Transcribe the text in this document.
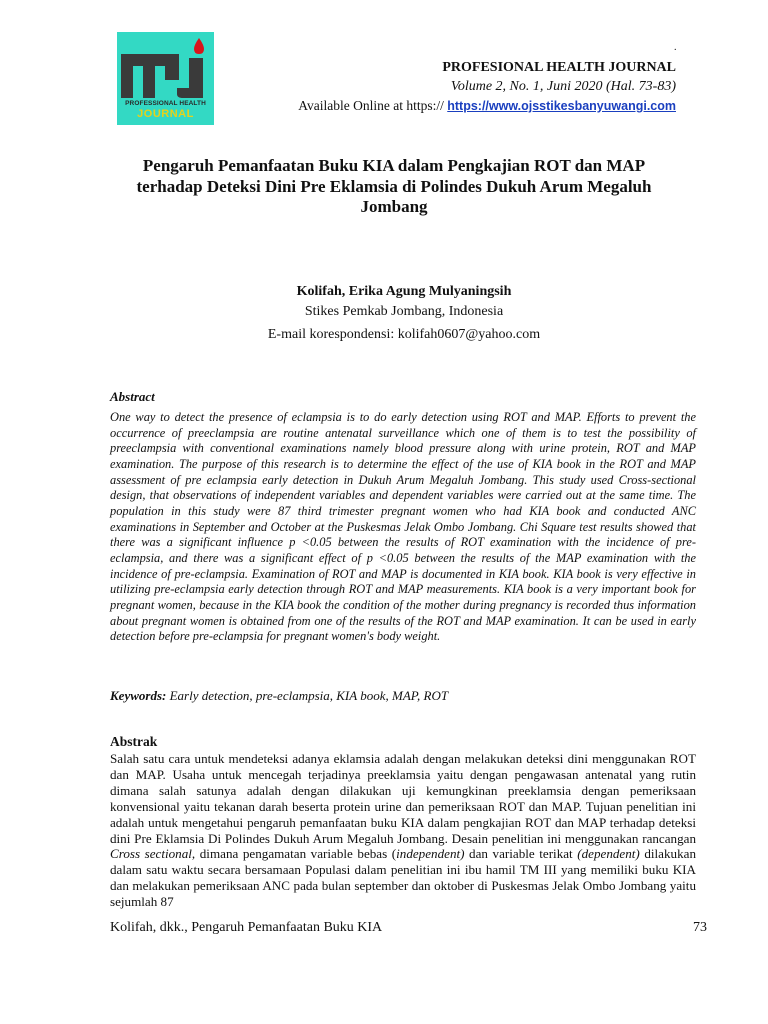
PROFESSIONAL HEALTH
JOURNAL
.
PROFESIONAL HEALTH JOURNAL
Volume 2, No. 1, Juni 2020 (Hal. 73-83)
Available Online at https:// https://www.ojsstikesbanyuwangi.com
Pengaruh Pemanfaatan Buku KIA dalam Pengkajian ROT dan MAP terhadap Deteksi Dini Pre Eklamsia di Polindes Dukuh Arum Megaluh Jombang
Kolifah, Erika Agung Mulyaningsih
Stikes Pemkab Jombang, Indonesia
E-mail korespondensi: kolifah0607@yahoo.com
Abstract
One way to detect the presence of eclampsia is to do early detection using ROT and MAP. Efforts to prevent the occurrence of preeclampsia are routine antenatal surveillance which one of them is to test the possibility of preeclampsia with conventional examinations namely blood pressure along with urine protein, ROT and MAP examination. The purpose of this research is to determine the effect of the use of KIA book in the ROT and MAP assessment of pre eclampsia early detection in Dukuh Arum Megaluh Jombang. This study used Cross-sectional design, that observations of independent variables and dependent variables were carried out at the same time. The population in this study were 87 third trimester pregnant women who had KIA book and conducted ANC examinations in September and October at the Puskesmas Jelak Ombo Jombang. Chi Square test results showed that there was a significant influence p <0.05 between the results of ROT examination with the incidence of pre-eclampsia, and there was a significant effect of p <0.05 between the results of the MAP examination with the incidence of pre-eclampsia. Examination of ROT and MAP is documented in KIA book. KIA book is very effective in utilizing pre-eclampsia early detection through ROT and MAP measurements. KIA book is a very important book for pregnant women, because in the KIA book the condition of the mother during pregnancy is recorded thus information about pregnant women is obtained from one of the results of the ROT and MAP examination. It can be used in early detection before pre-eclampsia for pregnant women's body weight.
Keywords: Early detection, pre-eclampsia, KIA book, MAP, ROT
Abstrak
Salah satu cara untuk mendeteksi adanya eklamsia adalah dengan melakukan deteksi dini menggunakan ROT dan MAP. Usaha untuk mencegah terjadinya preeklamsia yaitu dengan pengawasan antenatal yang rutin dimana salah satunya adalah dengan dilakukan uji kemungkinan preeklamsia dengan pemeriksaan konvensional yaitu tekanan darah beserta protein urine dan pemeriksaan ROT dan MAP. Tujuan penelitian ini adalah untuk mengetahui pengaruh pemanfaatan buku KIA dalam pengkajian ROT dan MAP terhadap deteksi dini Pre Eklamsia Di Polindes Dukuh Arum Megaluh Jombang. Desain penelitian ini menggunakan rancangan Cross sectional, dimana pengamatan variable bebas (independent) dan variable terikat (dependent) dilakukan dalam satu waktu secara bersamaan Populasi dalam penelitian ini ibu hamil TM III yang memiliki buku KIA dan melakukan pemeriksaan ANC pada bulan september dan oktober di Puskesmas Jelak Ombo Jombang yaitu sejumlah 87
Kolifah, dkk., Pengaruh Pemanfaatan Buku KIA	73
